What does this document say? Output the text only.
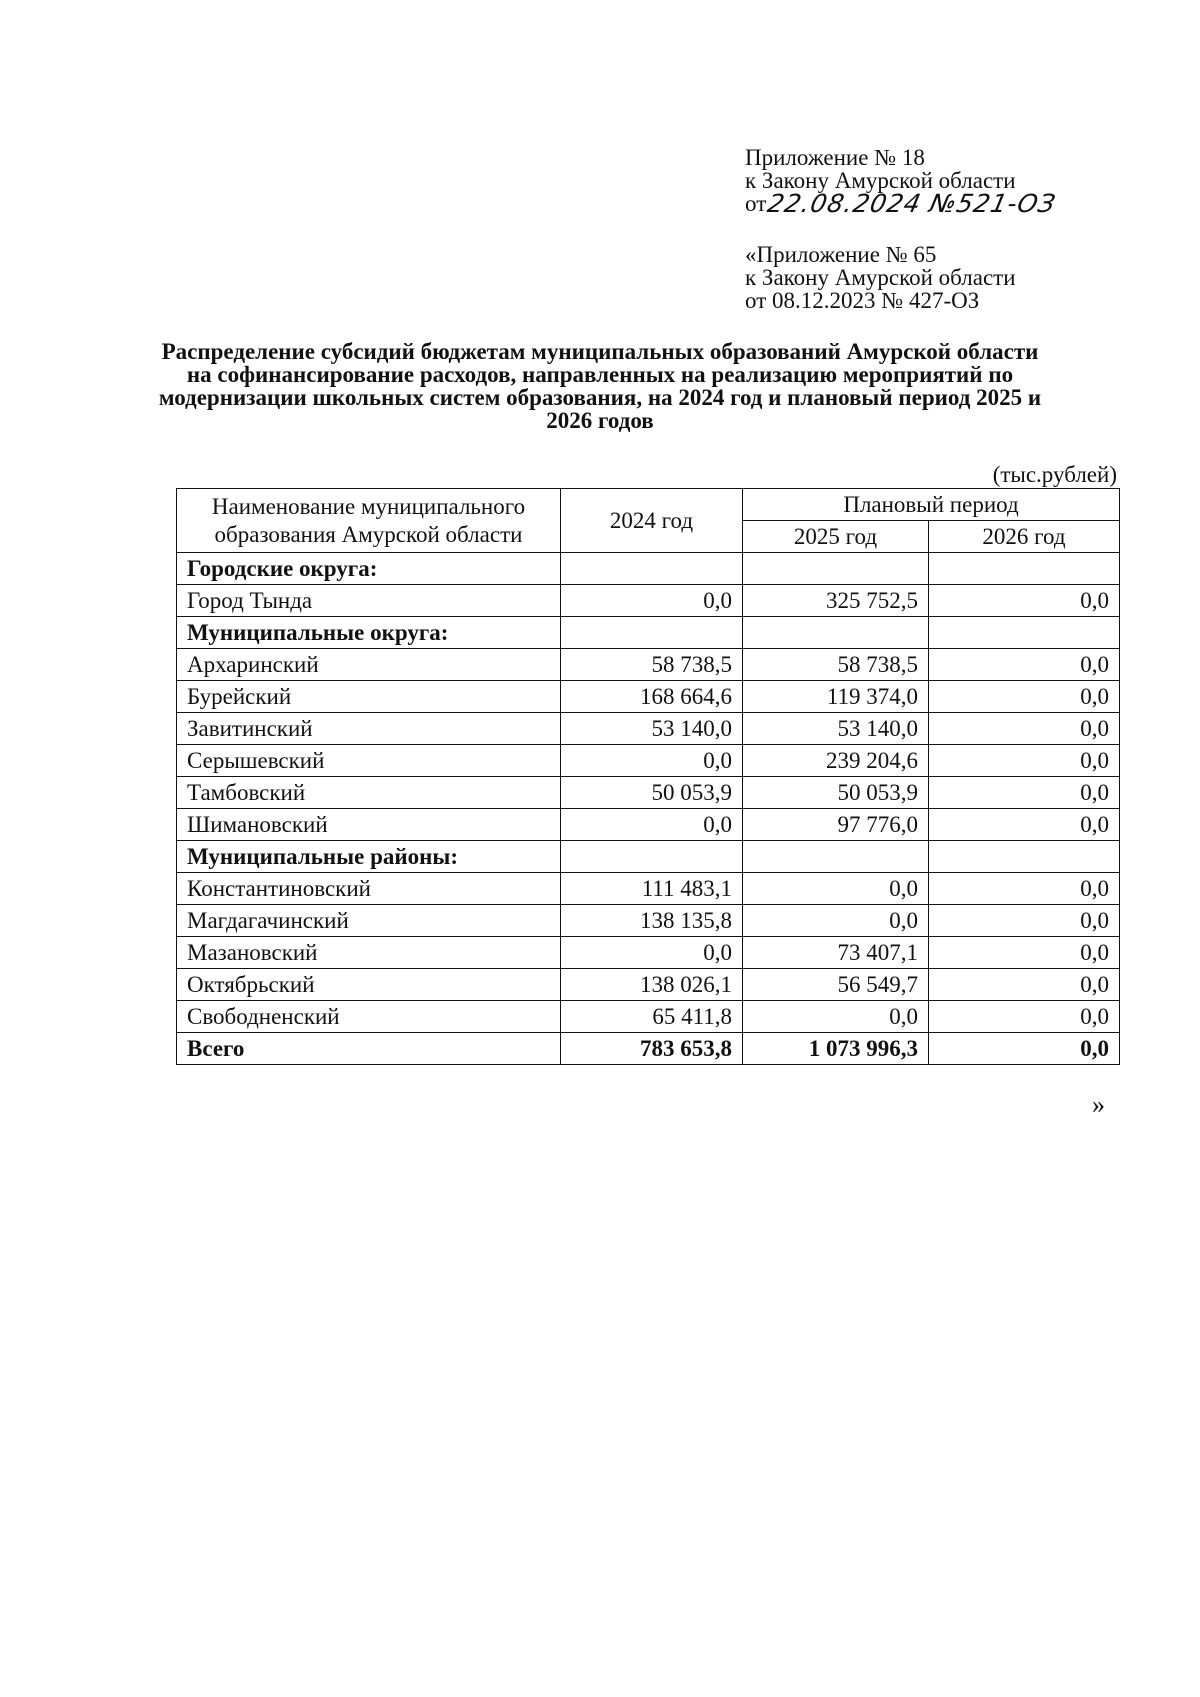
Приложение № 18
к Закону Амурской области
от
22.08.2024 №521-ОЗ
«Приложение № 65
к Закону Амурской области
от 08.12.2023 № 427-ОЗ
Распределение субсидий бюджетам муниципальных образований Амурской области на софинансирование расходов, направленных на реализацию мероприятий по модернизации школьных систем образования, на 2024 год и плановый период 2025 и 2026 годов
(тыс.рублей)
Наименование муниципального образования Амурской области	2024 год	Плановый период	
		2025 год	2026 год
Городские округа:			
Город Тында	0,0	325 752,5	0,0
Муниципальные округа:			
Архаринский	58 738,5	58 738,5	0,0
Бурейский	168 664,6	119 374,0	0,0
Завитинский	53 140,0	53 140,0	0,0
Серышевский	0,0	239 204,6	0,0
Тамбовский	50 053,9	50 053,9	0,0
Шимановский	0,0	97 776,0	0,0
Муниципальные районы:			
Константиновский	111 483,1	0,0	0,0
Магдагачинский	138 135,8	0,0	0,0
Мазановский	0,0	73 407,1	0,0
Октябрьский	138 026,1	56 549,7	0,0
Свободненский	65 411,8	0,0	0,0
Всего	783 653,8	1 073 996,3	0,0
»
